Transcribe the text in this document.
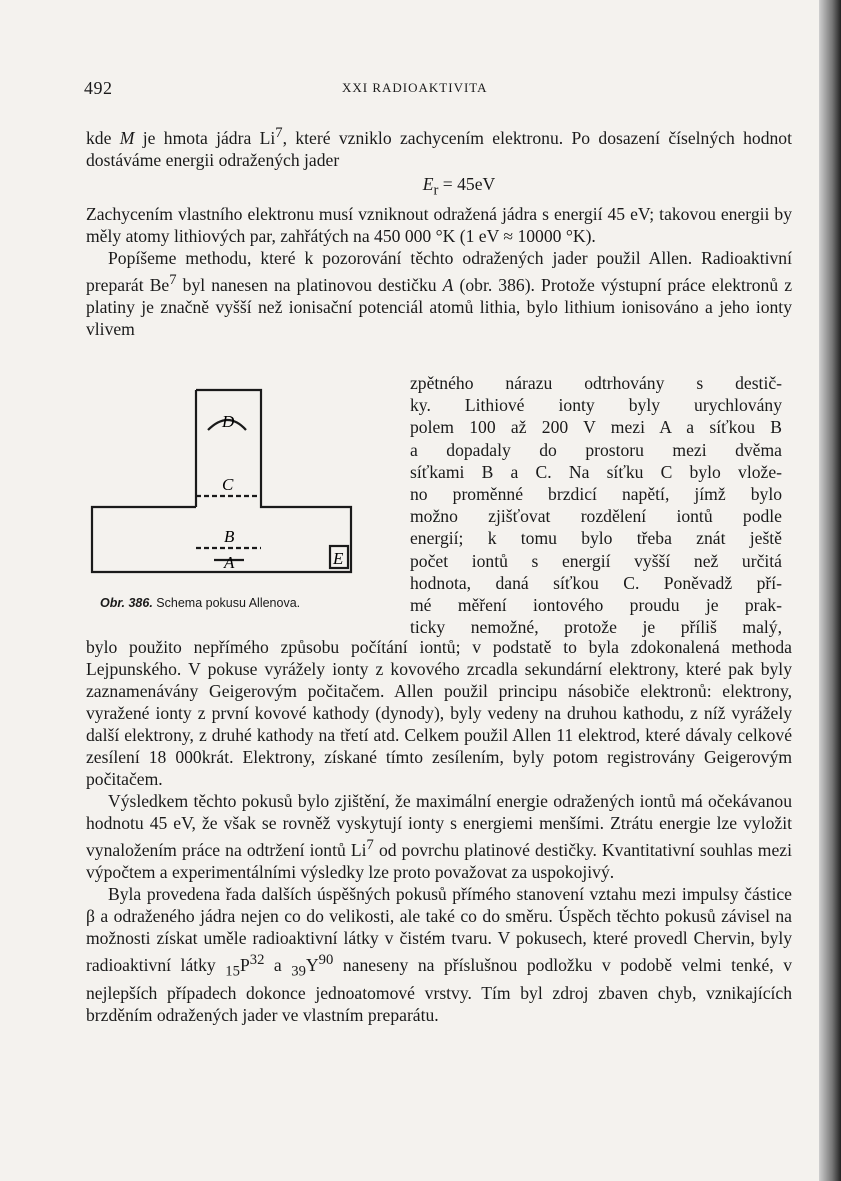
492	XXI RADIOAKTIVITA

kde M je hmota jádra Li$^7$, které vzniklo zachycením elektronu. Po dosazení číselných hodnot dostáváme energii odražených jader

$E_r = 45eV$

Zachycením vlastního elektronu musí vzniknout odražená jádra s energií 45 eV; takovou energii by měly atomy lithiových par, zahřátých na 450 000 °K (1 eV ≈ 10000 °K).

Popíšeme methodu, které k pozorování těchto odražených jader použil Allen. Radioaktivní preparát Be$^7$ byl nanesen na platinovou destičku A (obr. 386). Protože výstupní práce elektronů z platiny je značně vyšší než ionisační potenciál atomů lithia, bylo lithium ionisováno a jeho ionty vlivem

D
C
B
A	E
Obr. 386. Schema pokusu Allenova.
zpětného nárazu odtrhovány s destič-
ky. Lithiové ionty byly urychlovány
polem 100 až 200 V mezi A a síťkou B
a dopadaly do prostoru mezi dvěma
síťkami B a C. Na síťku C bylo vlože-
no proměnné brzdicí napětí, jímž bylo
možno zjišťovat rozdělení iontů podle
energií; k tomu bylo třeba znát ještě
počet iontů s energií vyšší než určitá
hodnota, daná síťkou C. Poněvadž pří-
mé měření iontového proudu je prak-
ticky nemožné, protože je příliš malý,

bylo použito nepřímého způsobu počítání iontů; v podstatě to byla zdokonalená methoda Lejpunského. V pokuse vyrážely ionty z kovového zrcadla sekundární elektrony, které pak byly zaznamenávány Geigerovým počitačem. Allen použil principu násobiče elektronů: elektrony, vyražené ionty z první kovové kathody (dynody), byly vedeny na druhou kathodu, z níž vyrážely další elektrony, z druhé kathody na třetí atd. Celkem použil Allen 11 elektrod, které dávaly celkové zesílení 18 000krát. Elektrony, získané tímto zesílením, byly potom registrovány Geigerovým počitačem.

Výsledkem těchto pokusů bylo zjištění, že maximální energie odražených iontů má očekávanou hodnotu 45 eV, že však se rovněž vyskytují ionty s energiemi menšími. Ztrátu energie lze vyložit vynaložením práce na odtržení iontů Li$^7$ od povrchu platinové destičky. Kvantitativní souhlas mezi výpočtem a experimentálními výsledky lze proto považovat za uspokojivý.

Byla provedena řada dalších úspěšných pokusů přímého stanovení vztahu mezi impulsy částice β a odraženého jádra nejen co do velikosti, ale také co do směru. Úspěch těchto pokusů závisel na možnosti získat uměle radioaktivní látky v čistém tvaru. V pokusech, které provedl Chervin, byly radioaktivní látky $_{15}P^{32}$ a $_{39}Y^{90}$ naneseny na příslušnou podložku v podobě velmi tenké, v nejlepších případech dokonce jednoatomové vrstvy. Tím byl zdroj zbaven chyb, vznikajících brzděním odražených jader ve vlastním preparátu.
